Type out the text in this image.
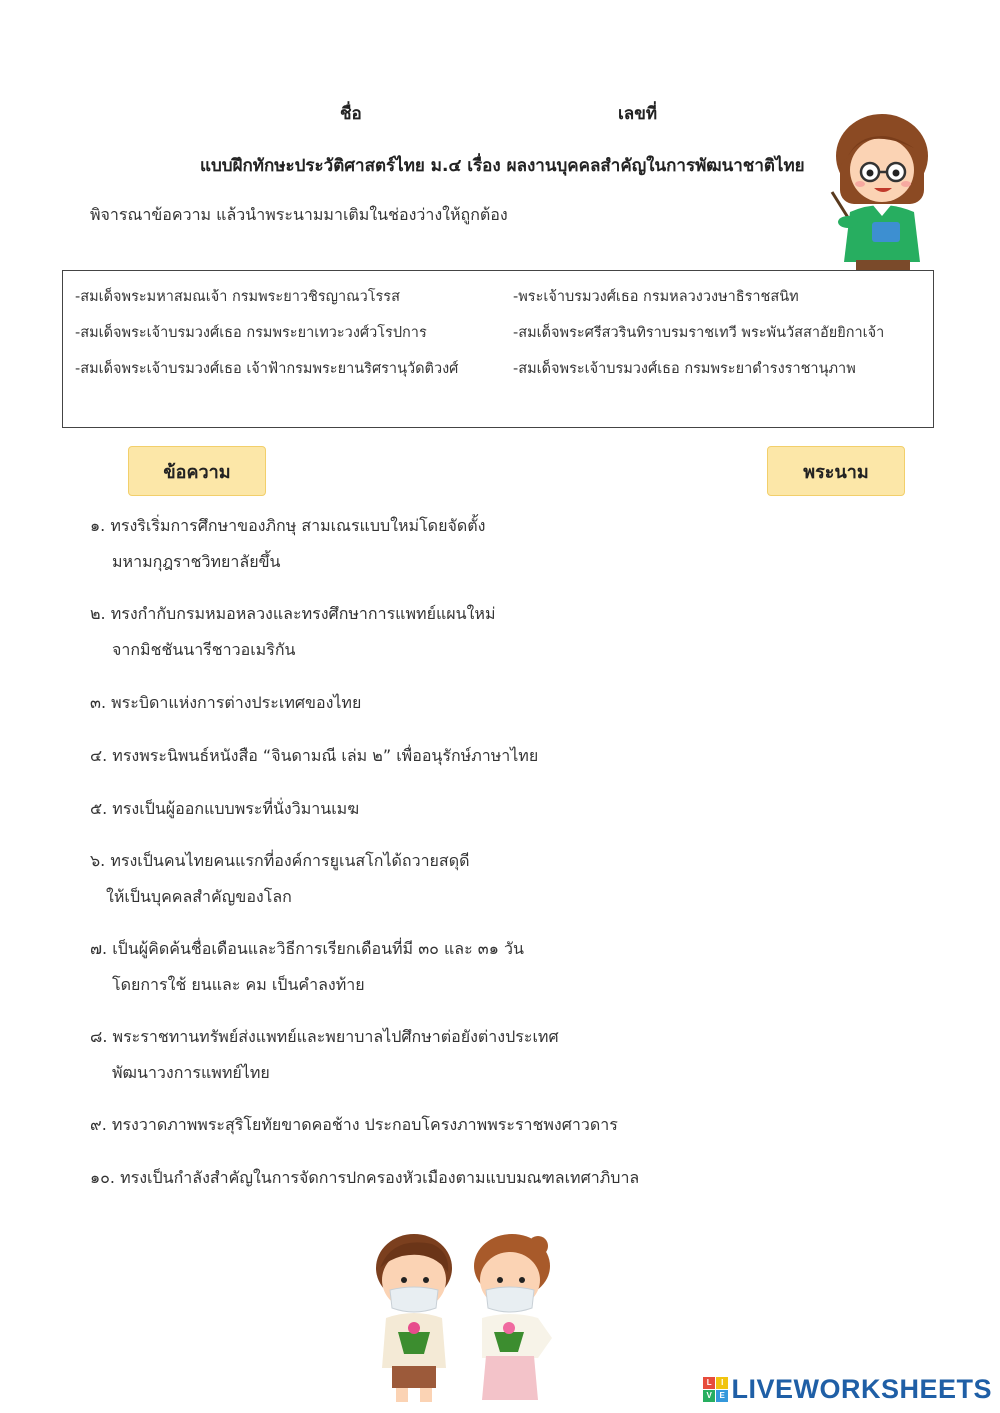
ชื่อ	เลขที่
แบบฝึกทักษะประวัติศาสตร์ไทย ม.๔ เรื่อง ผลงานบุคคลสำคัญในการพัฒนาชาติไทย
พิจารณาข้อความ แล้วนำพระนามมาเติมในช่องว่างให้ถูกต้อง
-สมเด็จพระมหาสมณเจ้า กรมพระยาวชิรญาณวโรรส
-สมเด็จพระเจ้าบรมวงศ์เธอ กรมพระยาเทวะวงศ์วโรปการ
-สมเด็จพระเจ้าบรมวงศ์เธอ เจ้าฟ้ากรมพระยานริศรานุวัดติวงศ์
-พระเจ้าบรมวงศ์เธอ กรมหลวงวงษาธิราชสนิท
-สมเด็จพระศรีสวรินทิราบรมราชเทวี พระพันวัสสาอัยยิกาเจ้า
-สมเด็จพระเจ้าบรมวงศ์เธอ กรมพระยาดำรงราชานุภาพ
ข้อความ	พระนาม
๑. ทรงริเริ่มการศึกษาของภิกษุ สามเณรแบบใหม่โดยจัดตั้ง
มหามกุฎราชวิทยาลัยขึ้น
๒. ทรงกำกับกรมหมอหลวงและทรงศึกษาการแพทย์แผนใหม่
จากมิชชันนารีชาวอเมริกัน
๓. พระบิดาแห่งการต่างประเทศของไทย
๔. ทรงพระนิพนธ์หนังสือ “จินดามณี เล่ม ๒” เพื่ออนุรักษ์ภาษาไทย
๕. ทรงเป็นผู้ออกแบบพระที่นั่งวิมานเมฆ
๖. ทรงเป็นคนไทยคนแรกที่องค์การยูเนสโกได้ถวายสดุดี
ให้เป็นบุคคลสำคัญของโลก
๗. เป็นผู้คิดค้นชื่อเดือนและวิธีการเรียกเดือนที่มี ๓๐ และ ๓๑ วัน
โดยการใช้ ยนและ คม เป็นคำลงท้าย
๘. พระราชทานทรัพย์ส่งแพทย์และพยาบาลไปศึกษาต่อยังต่างประเทศ
พัฒนาวงการแพทย์ไทย
๙. ทรงวาดภาพพระสุริโยทัยขาดคอช้าง ประกอบโครงภาพพระราชพงศาวดาร
๑๐. ทรงเป็นกำลังสำคัญในการจัดการปกครองหัวเมืองตามแบบมณฑลเทศาภิบาล
L	I
V E LIVEWORKSHEETS
